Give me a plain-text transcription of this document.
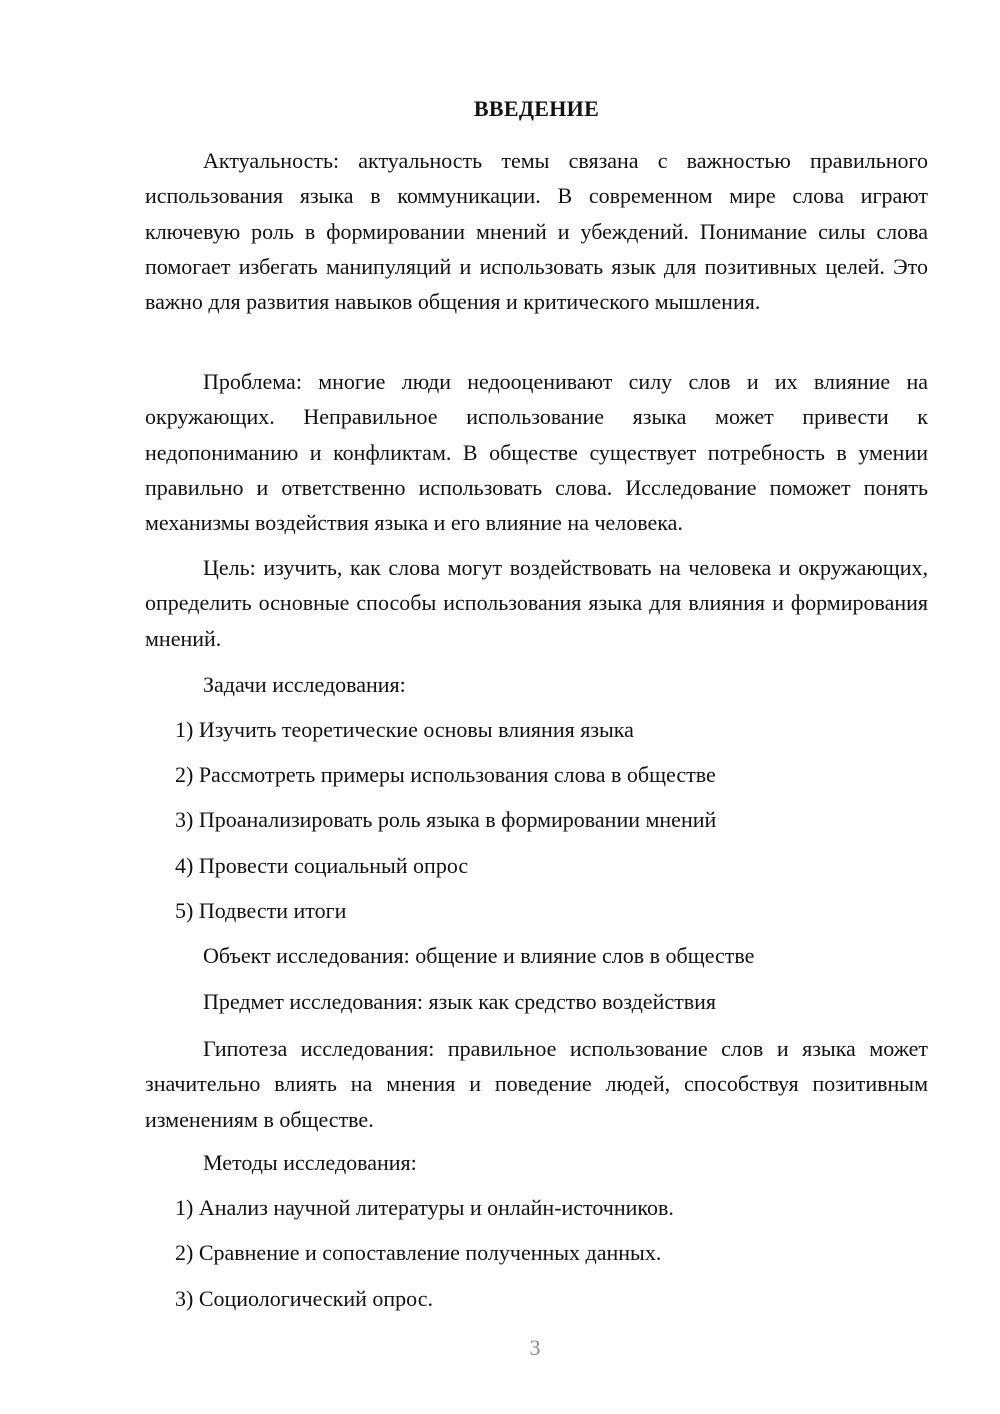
ВВЕДЕНИЕ

Актуальность: актуальность темы связана с важностью правильного использования языка в коммуникации. В современном мире слова играют ключевую роль в формировании мнений и убеждений. Понимание силы слова помогает избегать манипуляций и использовать язык для позитивных целей. Это важно для развития навыков общения и критического мышления.

Проблема: многие люди недооценивают силу слов и их влияние на окружающих. Неправильное использование языка может привести к недопониманию и конфликтам. В обществе существует потребность в умении правильно и ответственно использовать слова. Исследование поможет понять механизмы воздействия языка и его влияние на человека.

Цель: изучить, как слова могут воздействовать на человека и окружающих, определить основные способы использования языка для влияния и формирования мнений.

Задачи исследования:
1) Изучить теоретические основы влияния языка
2) Рассмотреть примеры использования слова в обществе
3) Проанализировать роль языка в формировании мнений
4) Провести социальный опрос
5) Подвести итоги
Объект исследования: общение и влияние слов в обществе
Предмет исследования: язык как средство воздействия

Гипотеза исследования: правильное использование слов и языка может значительно влиять на мнения и поведение людей, способствуя позитивным изменениям в обществе.

Методы исследования:
1) Анализ научной литературы и онлайн-источников.
2) Сравнение и сопоставление полученных данных.
3) Социологический опрос.
3
